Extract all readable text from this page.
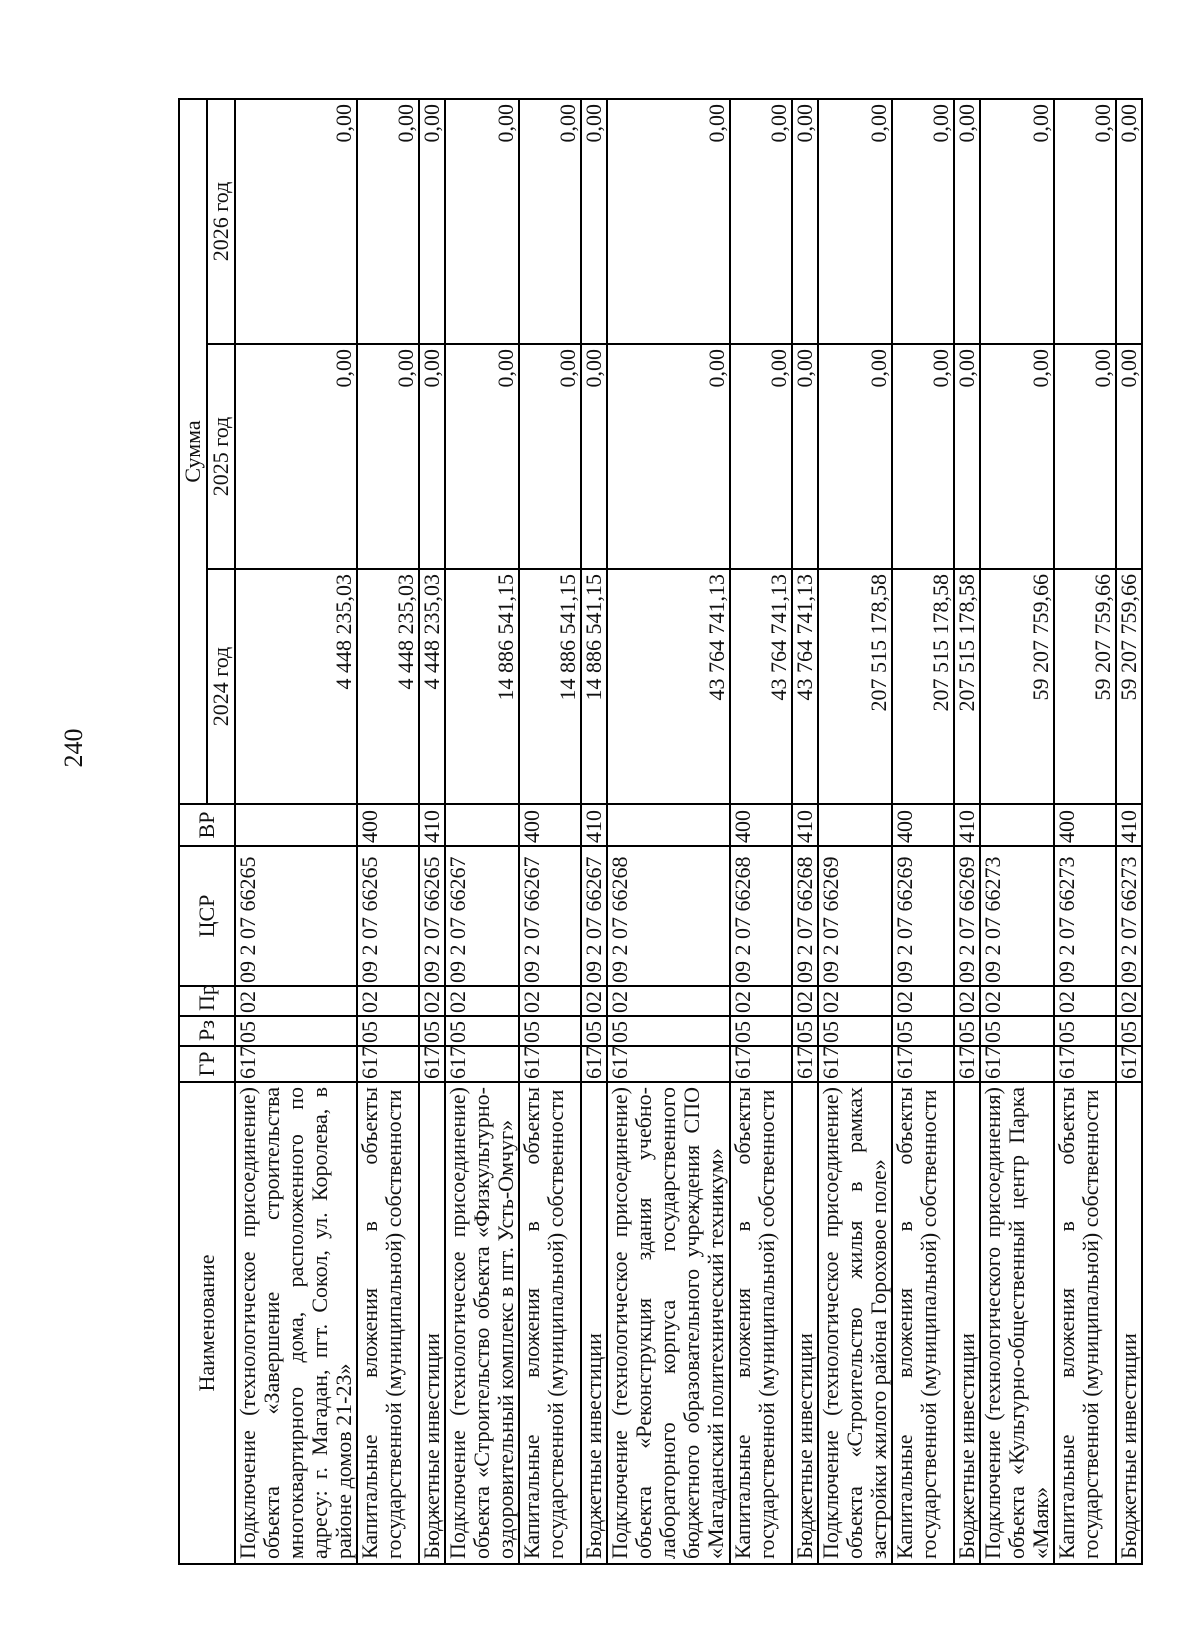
240
Наименование	ГР	Рз	Пр	ЦСР	ВР	Сумма		
						2024 год	2025 год	2026 год
Подключение (технологическое присоединение) объекта «Завершение строительства многоквартирного дома, расположенного по адресу: г. Магадан, пгт. Сокол, ул. Королева, в районе домов 21-23»	617	05	02	09 2 07 66265		4 448 235,03	0,00	0,00
Капитальные вложения в объекты государственной (муниципальной) собственности	617	05	02	09 2 07 66265	400	4 448 235,03	0,00	0,00
Бюджетные инвестиции	617	05	02	09 2 07 66265	410	4 448 235,03	0,00	0,00
Подключение (технологическое присоединение) объекта «Строительство объекта «Физкультурно-оздоровительный комплекс в пгт. Усть-Омчуг»	617	05	02	09 2 07 66267		14 886 541,15	0,00	0,00
Капитальные вложения в объекты государственной (муниципальной) собственности	617	05	02	09 2 07 66267	400	14 886 541,15	0,00	0,00
Бюджетные инвестиции	617	05	02	09 2 07 66267	410	14 886 541,15	0,00	0,00
Подключение (технологическое присоединение) объекта «Реконструкция здания учебно-лабораторного корпуса государственного бюджетного образовательного учреждения СПО «Магаданский политехнический техникум»	617	05	02	09 2 07 66268		43 764 741,13	0,00	0,00
Капитальные вложения в объекты государственной (муниципальной) собственности	617	05	02	09 2 07 66268	400	43 764 741,13	0,00	0,00
Бюджетные инвестиции	617	05	02	09 2 07 66268	410	43 764 741,13	0,00	0,00
Подключение (технологическое присоединение) объекта «Строительство жилья в рамках застройки жилого района Гороховое поле»	617	05	02	09 2 07 66269		207 515 178,58	0,00	0,00
Капитальные вложения в объекты государственной (муниципальной) собственности	617	05	02	09 2 07 66269	400	207 515 178,58	0,00	0,00
Бюджетные инвестиции	617	05	02	09 2 07 66269	410	207 515 178,58	0,00	0,00
Подключение (технологического присоединения) объекта «Культурно-общественный центр Парка «Маяк»	617	05	02	09 2 07 66273		59 207 759,66	0,00	0,00
Капитальные вложения в объекты государственной (муниципальной) собственности	617	05	02	09 2 07 66273	400	59 207 759,66	0,00	0,00
Бюджетные инвестиции	617	05	02	09 2 07 66273	410	59 207 759,66	0,00	0,00
